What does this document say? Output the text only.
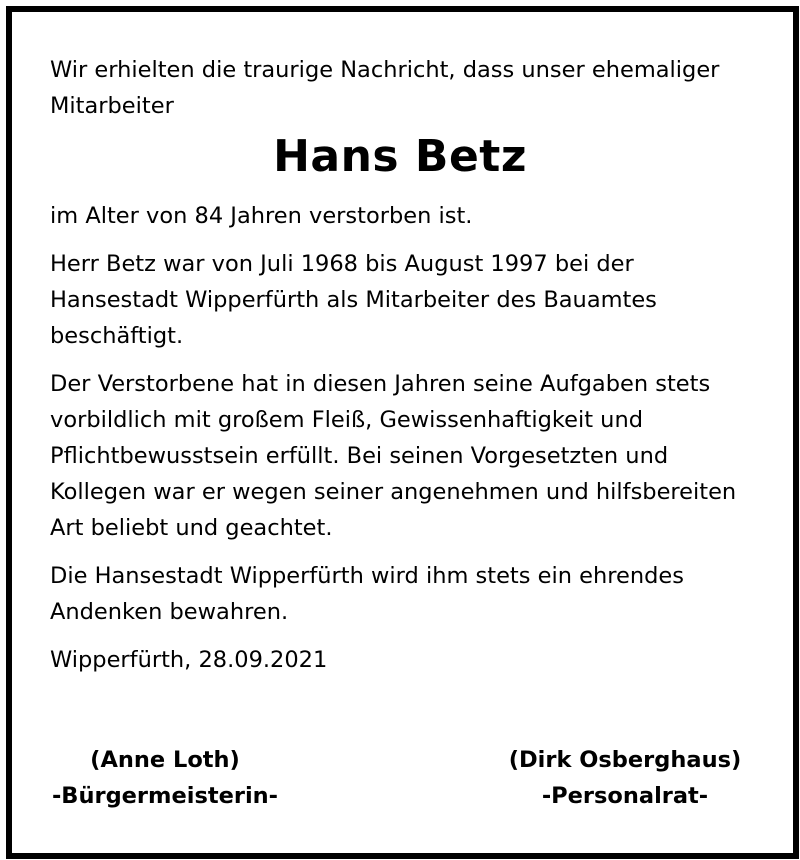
Wir erhielten die traurige Nachricht, dass unser ehemaliger Mitarbeiter

Hans Betz

im Alter von 84 Jahren verstorben ist.

Herr Betz war von Juli 1968 bis August 1997 bei der Hansestadt Wipperfürth als Mitarbeiter des Bauamtes beschäftigt.

Der Verstorbene hat in diesen Jahren seine Aufgaben stets vorbildlich mit großem Fleiß, Gewissenhaftigkeit und Pflichtbewusstsein erfüllt. Bei seinen Vorgesetzten und Kollegen war er wegen seiner angenehmen und hilfsbereiten Art beliebt und geachtet.

Die Hansestadt Wipperfürth wird ihm stets ein ehrendes Andenken bewahren.

Wipperfürth, 28.09.2021

(Anne Loth)
-Bürgermeisterin-
(Dirk Osberghaus)
-Personalrat-
